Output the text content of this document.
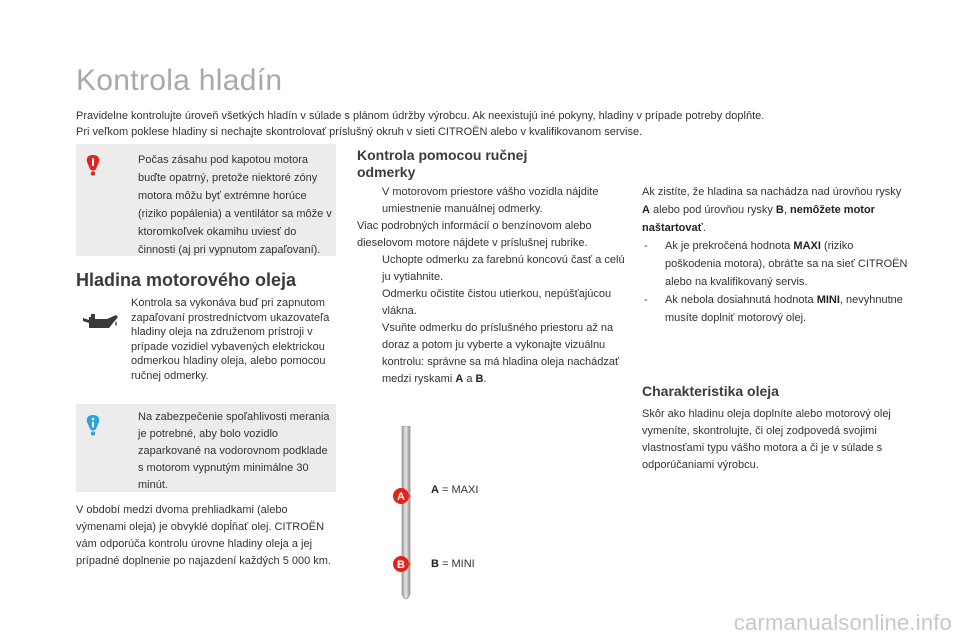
Kontrola hladín

Pravidelne kontrolujte úroveň všetkých hladín v súlade s plánom údržby výrobcu. Ak neexistujú iné pokyny, hladiny v prípade potreby doplňte.

Pri veľkom poklese hladiny si nechajte skontrolovať príslušný okruh v sieti CITROËN alebo v kvalifikovanom servise.

Počas zásahu pod kapotou motora buďte opatrný, pretože niektoré zóny motora môžu byť extrémne horúce (riziko popálenia) a ventilátor sa môže v ktoromkoľvek okamihu uviesť do činnosti (aj pri vypnutom zapaľovaní).
Hladina motorového oleja
Kontrola sa vykonáva buď pri zapnutom zapaľovaní prostredníctvom ukazovateľa hladiny oleja na združenom prístroji v prípade vozidiel vybavených elektrickou odmerkou hladiny oleja, alebo pomocou ručnej odmerky.
Na zabezpečenie spoľahlivosti merania je potrebné, aby bolo vozidlo zaparkované na vodorovnom podklade s motorom vypnutým minimálne 30 minút.
V období medzi dvoma prehliadkami (alebo výmenami oleja) je obvyklé dopĺňať olej. CITROËN vám odporúča kontrolu úrovne hladiny oleja a jej prípadné doplnenie po najazdení každých 5 000 km.
Kontrola pomocou ručnej odmerky

V motorovom priestore vášho vozidla nájdite umiestnenie manuálnej odmerky.

Viac podrobných informácií o benzínovom alebo dieselovom motore nájdete v príslušnej rubrike.

Uchopte odmerku za farebnú koncovú časť a celú ju vytiahnite.

Odmerku očistite čistou utierkou, nepúšťajúcou vlákna.

Vsuňte odmerku do príslušného priestoru až na doraz a potom ju vyberte a vykonajte vizuálnu kontrolu: správne sa má hladina oleja nachádzať medzi ryskami A a B.

A
B
A = MAXI
B = MINI

Ak zistíte, že hladina sa nachádza nad úrovňou rysky A alebo pod úrovňou rysky B, nemôžete motor naštartovať.

- Ak je prekročená hodnota MAXI (riziko poškodenia motora), obráťte sa na sieť CITROËN alebo na kvalifikovaný servis.

- Ak nebola dosiahnutá hodnota MINI, nevyhnutne musíte doplniť motorový olej.

Charakteristika oleja
Skôr ako hladinu oleja doplníte alebo motorový olej vymeníte, skontrolujte, či olej zodpovedá svojimi vlastnosťami typu vášho motora a či je v súlade s odporúčaniami výrobcu.
carmanualsonline.info
